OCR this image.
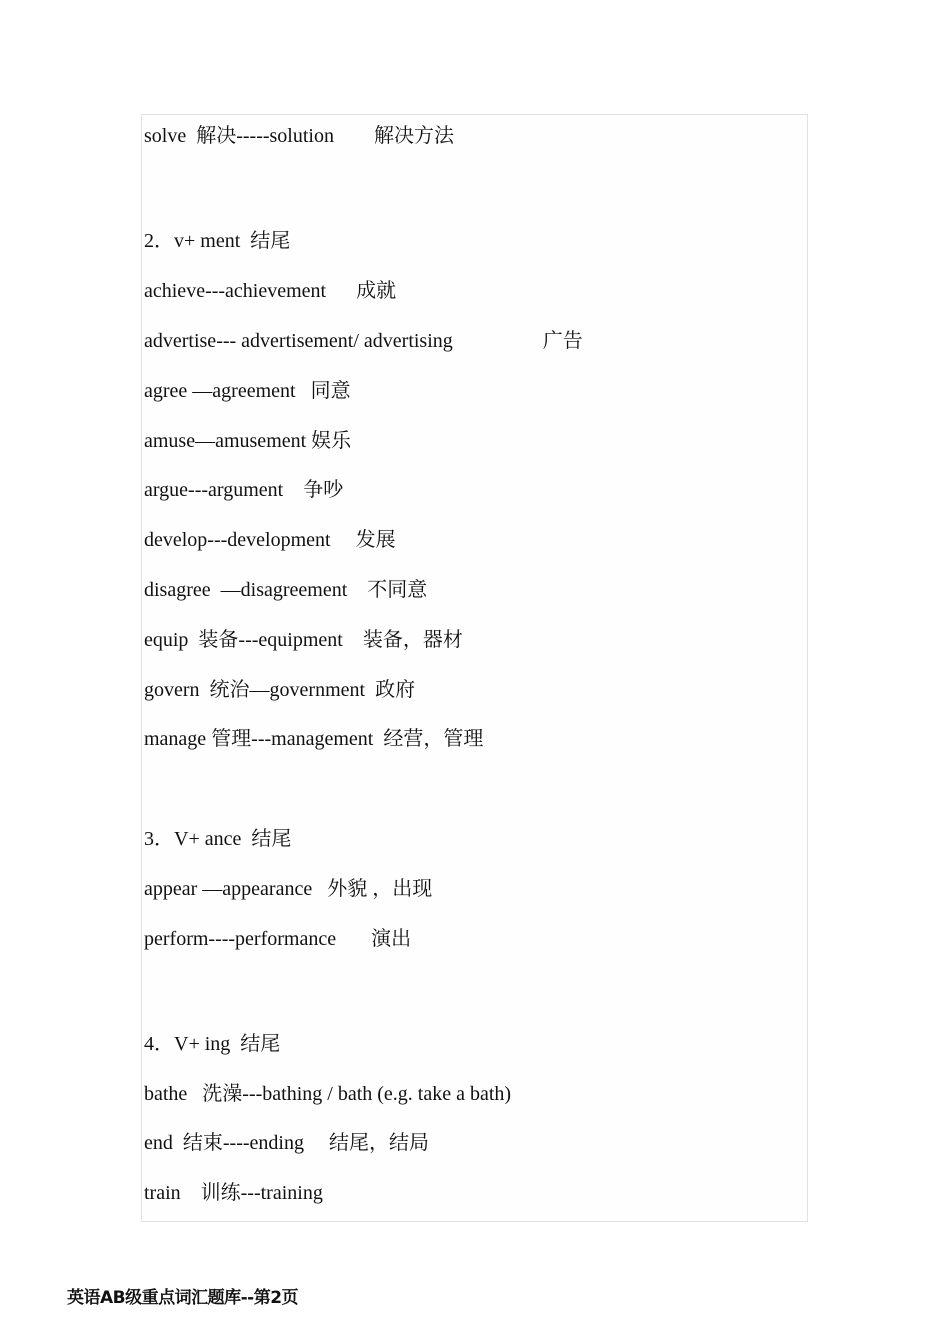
solve  解决-----solution        解决方法
2．v+ ment  结尾
achieve---achievement      成就
advertise--- advertisement/ advertising                  广告
agree —agreement   同意
amuse—amusement 娱乐
argue---argument    争吵
develop---development     发展
disagree  —disagreement    不同意
equip  装备---equipment    装备，器材
govern  统治—government  政府
manage 管理---management  经营，管理
3．V+ ance  结尾
appear —appearance   外貌 ，出现
perform----performance       演出
4．V+ ing  结尾
bathe   洗澡---bathing / bath (e.g. take a bath)
end  结束----ending     结尾，结局
train    训练---training
英语AB级重点词汇题库--第2页
